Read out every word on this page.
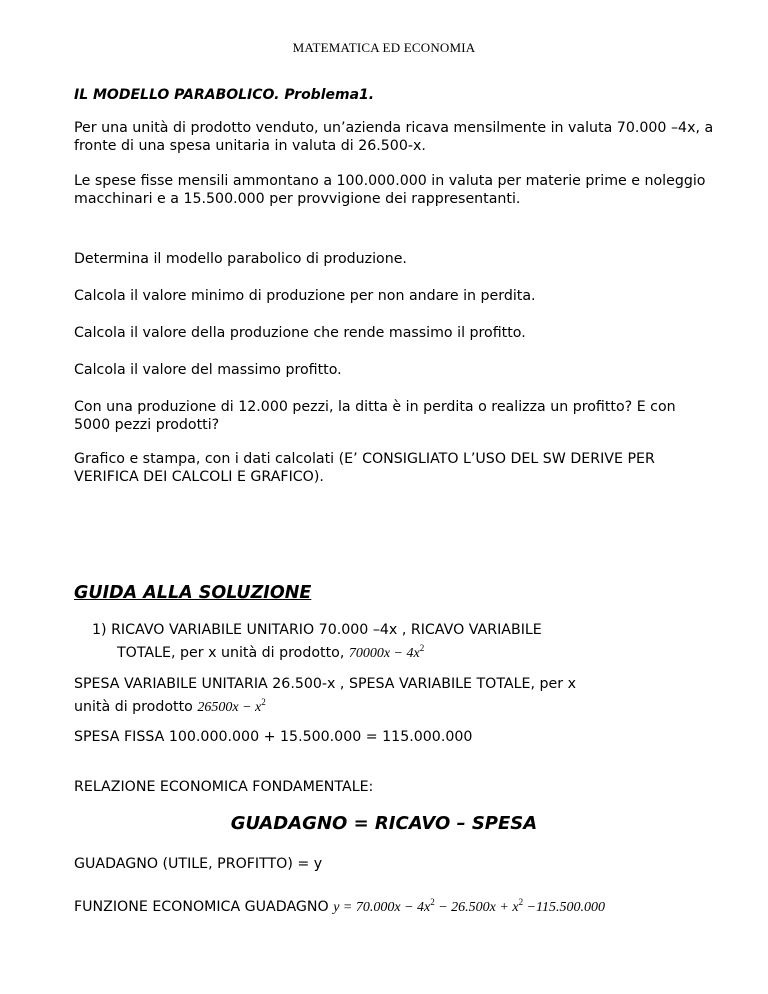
MATEMATICA ED ECONOMIA
IL MODELLO PARABOLICO. Problema1.
Per una unità di prodotto venduto, un’azienda ricava mensilmente in valuta 70.000 –4x, a fronte di una spesa unitaria in valuta di 26.500-x.
Le spese fisse mensili ammontano a 100.000.000 in valuta per materie prime e noleggio macchinari e a 15.500.000 per provvigione dei rappresentanti.
Determina il modello parabolico di produzione.
Calcola il valore minimo di produzione per non andare in perdita.
Calcola il valore della produzione che rende massimo il profitto.
Calcola il valore del massimo profitto.
Con una produzione di 12.000 pezzi, la ditta è in perdita o realizza un profitto? E con 5000 pezzi prodotti?
Grafico e stampa, con i dati calcolati (E’ CONSIGLIATO L’USO DEL SW DERIVE PER VERIFICA DEI CALCOLI E GRAFICO).
GUIDA ALLA SOLUZIONE
1) RICAVO VARIABILE UNITARIO 70.000 –4x , RICAVO VARIABILE
TOTALE, per x unità di prodotto, $70000x - 4x^2$
SPESA VARIABILE UNITARIA 26.500-x , SPESA VARIABILE TOTALE, per x
unità di prodotto $26500x - x^2$
SPESA FISSA 100.000.000 + 15.500.000 = 115.000.000
RELAZIONE ECONOMICA FONDAMENTALE:
GUADAGNO = RICAVO – SPESA
GUADAGNO (UTILE, PROFITTO) = y
FUNZIONE ECONOMICA GUADAGNO $y = 70.000x - 4x^2 - 26.500x + x^2 -115.500.000$
